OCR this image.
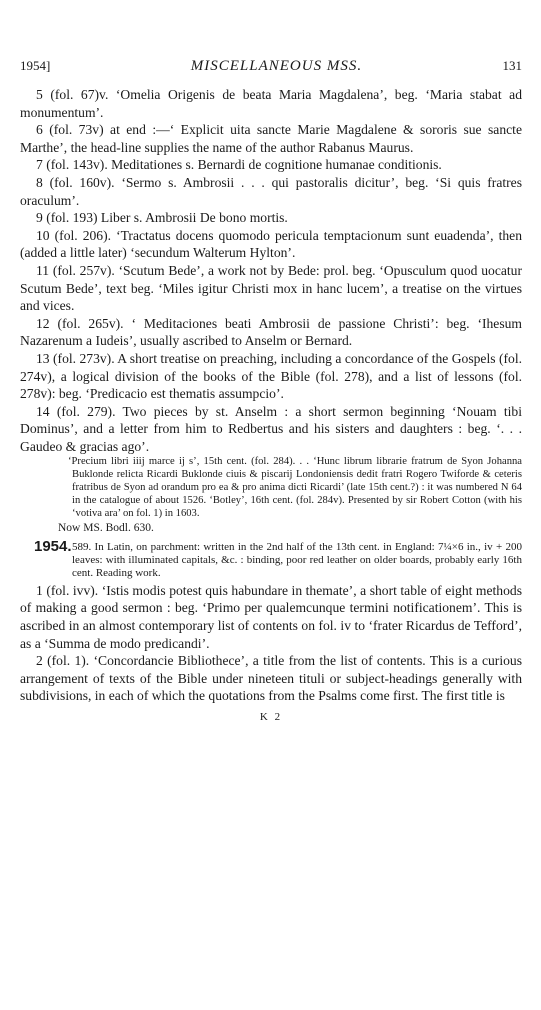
1954]	MISCELLANEOUS MSS.	131

5 (fol. 67)v. ‘Omelia Origenis de beata Maria Magdalena’, beg. ‘Maria stabat ad monumentum’.

6 (fol. 73v) at end :—‘ Explicit uita sancte Marie Magdalene & sororis sue sancte Marthe’, the head-line supplies the name of the author Rabanus Maurus.

7 (fol. 143v). Meditationes s. Bernardi de cognitione humanae conditionis.

8 (fol. 160v). ‘Sermo s. Ambrosii . . . qui pastoralis dicitur’, beg. ‘Si quis fratres oraculum’.

9 (fol. 193) Liber s. Ambrosii De bono mortis.

10 (fol. 206). ‘Tractatus docens quomodo pericula temptacionum sunt euadenda’, then (added a little later) ‘secundum Walterum Hylton’.

11 (fol. 257v). ‘Scutum Bede’, a work not by Bede: prol. beg. ‘Opusculum quod uocatur Scutum Bede’, text beg. ‘Miles igitur Christi mox in hanc lucem’, a treatise on the virtues and vices.

12 (fol. 265v). ‘ Meditaciones beati Ambrosii de passione Christi’: beg. ‘Ihesum Nazarenum a Iudeis’, usually ascribed to Anselm or Bernard.

13 (fol. 273v). A short treatise on preaching, including a concordance of the Gospels (fol. 274v), a logical division of the books of the Bible (fol. 278), and a list of lessons (fol. 278v): beg. ‘Predicacio est thematis assumpcio’.

14 (fol. 279). Two pieces by st. Anselm : a short sermon beginning ‘Nouam tibi Dominus’, and a letter from him to Redbertus and his sisters and daughters : beg. ‘. . . Gaudeo & gracias ago’.

‘Precium libri iiij marce ij s’, 15th cent. (fol. 284). . . ‘Hunc librum librarie fratrum de Syon Johanna Buklonde relicta Ricardi Buklonde ciuis & piscarij Londoniensis dedit fratri Rogero Twiforde & ceteris fratribus de Syon ad orandum pro ea & pro anima dicti Ricardi’ (late 15th cent.?) : it was numbered N 64 in the catalogue of about 1526. ‘Botley’, 16th cent. (fol. 284v). Presented by sir Robert Cotton (with his ‘votiva ara’ on fol. 1) in 1603.

Now MS. Bodl. 630.

1954. 589. In Latin, on parchment: written in the 2nd half of the 13th cent. in England: 7¼×6 in., iv + 200 leaves: with illuminated capitals, &c. : binding, poor red leather on older boards, probably early 16th cent. Reading work.

1 (fol. ivv). ‘Istis modis potest quis habundare in themate’, a short table of eight methods of making a good sermon : beg. ‘Primo per qualemcunque termini notificationem’. This is ascribed in an almost contemporary list of contents on fol. iv to ‘frater Ricardus de Tefford’, as a ‘Summa de modo predicandi’.

2 (fol. 1). ‘Concordancie Bibliothece’, a title from the list of contents. This is a curious arrangement of texts of the Bible under nineteen tituli or subject-headings generally with subdivisions, in each of which the quotations from the Psalms come first. The first title is

K 2
